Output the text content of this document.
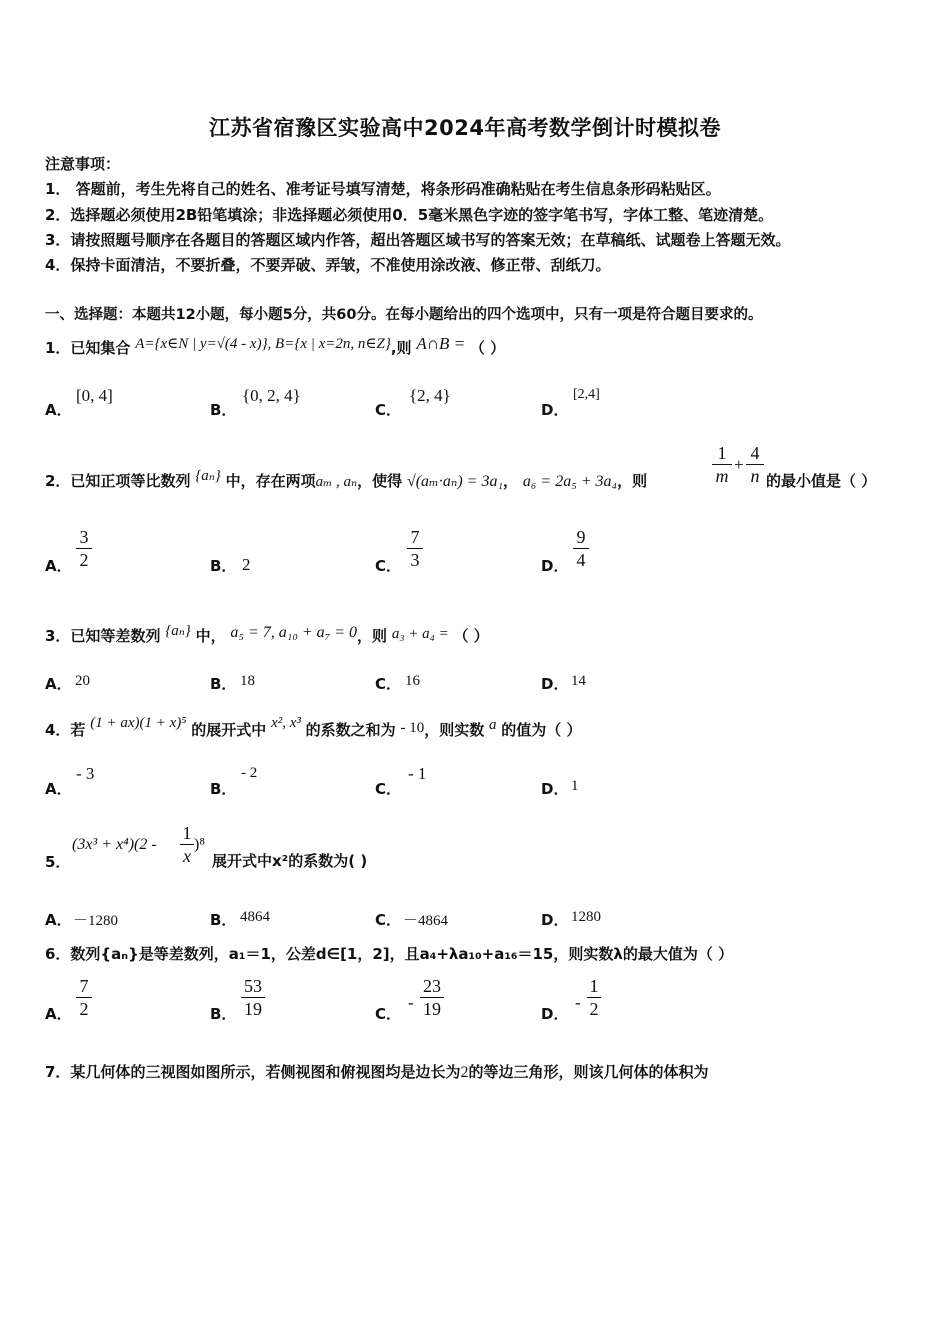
江苏省宿豫区实验高中2024年高考数学倒计时模拟卷
注意事项：
1． 答题前，考生先将自己的姓名、准考证号填写清楚，将条形码准确粘贴在考生信息条形码粘贴区。
2．选择题必须使用2B铅笔填涂；非选择题必须使用0．5毫米黑色字迹的签字笔书写，字体工整、笔迹清楚。
3．请按照题号顺序在各题目的答题区域内作答，超出答题区域书写的答案无效；在草稿纸、试题卷上答题无效。
4．保持卡面清洁，不要折叠，不要弄破、弄皱，不准使用涂改液、修正带、刮纸刀。
一、选择题：本题共12小题，每小题5分，共60分。在每小题给出的四个选项中，只有一项是符合题目要求的。
1．已知集合 A={x∈N | y=√(4 - x)}, B={x | x=2n, n∈Z},则 A∩B = （ ）
A．
[0, 4]
B．
{0, 2, 4}
C．
{2, 4}
D．
[2,4]
2．已知正项等比数列 {aₙ} 中，存在两项aₘ , aₙ，使得 √(aₘ·aₙ) = 3a₁， a₆ = 2a₅ + 3a₄，则
1
m
+
4
n 的最小值是（ ）
A．
3
2	B． 2	C．
7
3	D．
9
4
3．已知等差数列 {aₙ} 中， a₅ = 7, a₁₀ + a₇ = 0，则 a₃ + a₄ = （ ）
A． 20	B． 18	C． 16	D． 14
4．若 (1 + ax)(1 + x)⁵ 的展开式中 x², x³ 的系数之和为 - 10，则实数 a 的值为（ ）
A．
- 3
B．
- 2
C．
- 1
D． 1
5．
(3x³ + x⁴)(2 -
1
x
)⁸
展开式中x²的系数为( )
A． －1280	B． 4864	C． －4864	D． 1280
6．数列{aₙ}是等差数列，a₁＝1，公差d∈[1，2]，且a₄+λa₁₀+a₁₆＝15，则实数λ的最大值为（ ）
A．
7
2	B．
53
19	C．
-
23
19	D．
-
1
2
7．某几何体的三视图如图所示，若侧视图和俯视图均是边长为2的等边三角形，则该几何体的体积为
